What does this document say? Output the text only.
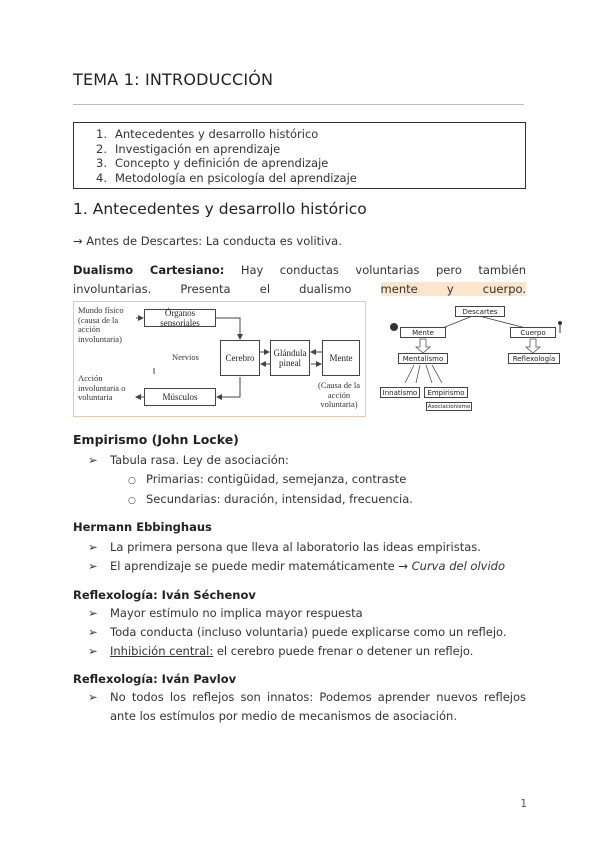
TEMA 1: INTRODUCCIÓN
1. Antecedentes y desarrollo histórico
2. Investigación en aprendizaje
3. Concepto y definición de aprendizaje
4. Metodología en psicología del aprendizaje
1. Antecedentes y desarrollo histórico
→ Antes de Descartes: La conducta es volitiva.
Dualismo Cartesiano: Hay conductas voluntarias pero también
involuntarias. Presenta el dualismo	mente y cuerpo.
Mundo físico (causa de la acción involuntaria)
Órganos sensoriales
Nervios	Cerebro	Glándula pineal	Mente
(Causa de la acción voluntaria)
Acción involuntaria o voluntaria	Músculos
Descartes
Mente	Cuerpo
Mentalismo	Reflexología
Innatismo	Empirismo
Asociacionismo
Empirismo (John Locke)
➢ Tabula rasa. Ley de asociación:
○ Primarias: contigüidad, semejanza, contraste
○ Secundarias: duración, intensidad, frecuencia.
Hermann Ebbinghaus
➢ La primera persona que lleva al laboratorio las ideas empiristas.
➢ El aprendizaje se puede medir matemáticamente → Curva del olvido
Reflexología: Iván Séchenov
➢ Mayor estímulo no implica mayor respuesta
➢ Toda conducta (incluso voluntaria) puede explicarse como un reflejo.
➢ Inhibición central: el cerebro puede frenar o detener un reflejo.
Reflexología: Iván Pavlov
➢	No todos los reflejos son innatos: Podemos aprender nuevos reflejos
ante los estímulos por medio de mecanismos de asociación.
1
